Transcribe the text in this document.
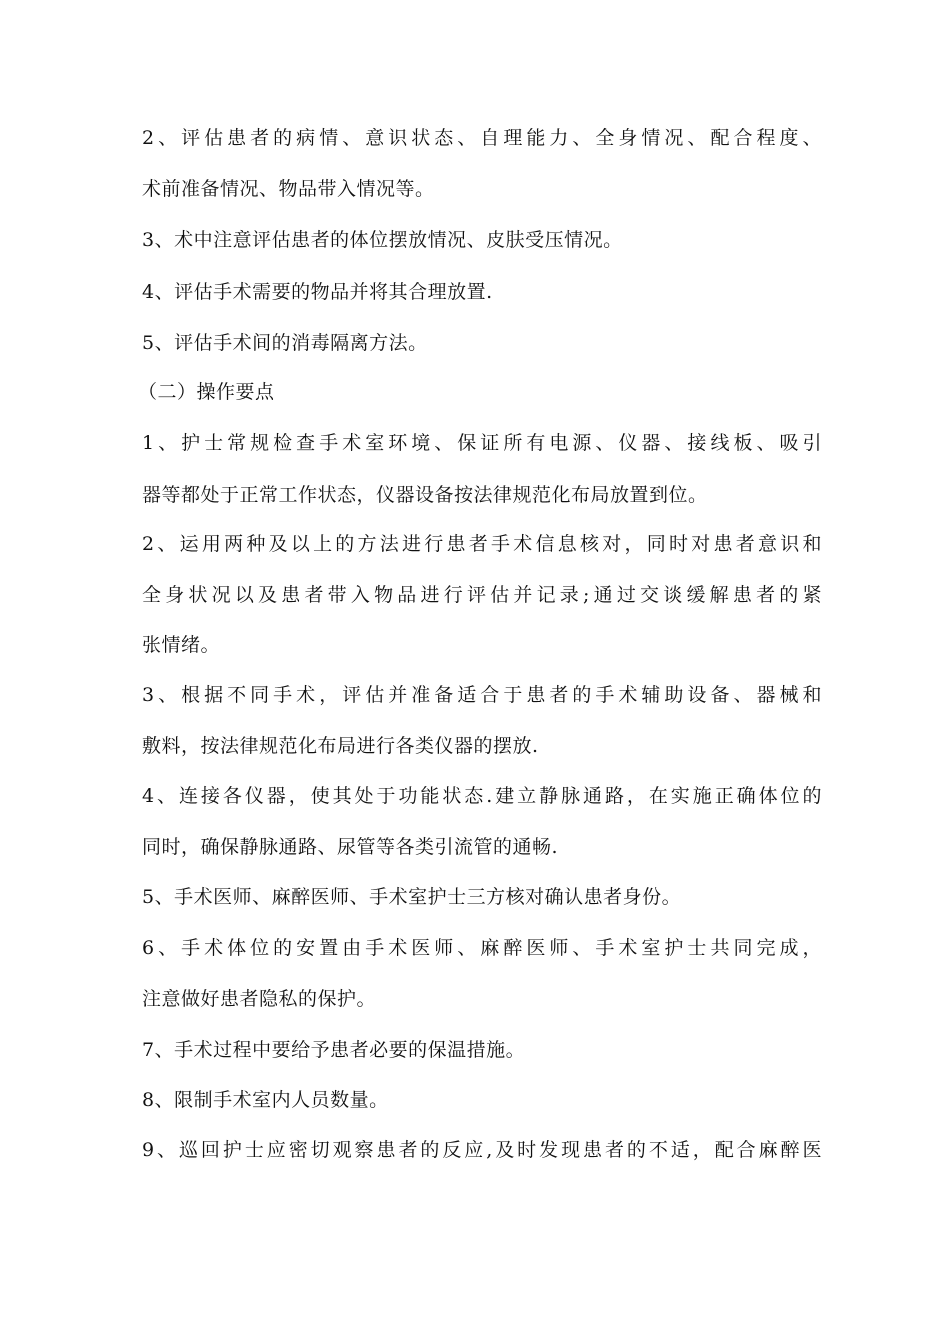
2、评估患者的病情、意识状态、自理能力、全身情况、配合程度、
术前准备情况、物品带入情况等。
3、术中注意评估患者的体位摆放情况、皮肤受压情况。
4、评估手术需要的物品并将其合理放置.
5、评估手术间的消毒隔离方法。
（二）操作要点
1、护士常规检查手术室环境、保证所有电源、仪器、接线板、吸引
器等都处于正常工作状态，仪器设备按法律规范化布局放置到位。
2、运用两种及以上的方法进行患者手术信息核对，同时对患者意识和
全身状况以及患者带入物品进行评估并记录;通过交谈缓解患者的紧
张情绪。
3、根据不同手术，评估并准备适合于患者的手术辅助设备、器械和
敷料，按法律规范化布局进行各类仪器的摆放.
4、连接各仪器，使其处于功能状态.建立静脉通路，在实施正确体位的
同时，确保静脉通路、尿管等各类引流管的通畅.
5、手术医师、麻醉医师、手术室护士三方核对确认患者身份。
6、手术体位的安置由手术医师、麻醉医师、手术室护士共同完成，
注意做好患者隐私的保护。
7、手术过程中要给予患者必要的保温措施。
8、限制手术室内人员数量。
9、巡回护士应密切观察患者的反应,及时发现患者的不适，配合麻醉医
